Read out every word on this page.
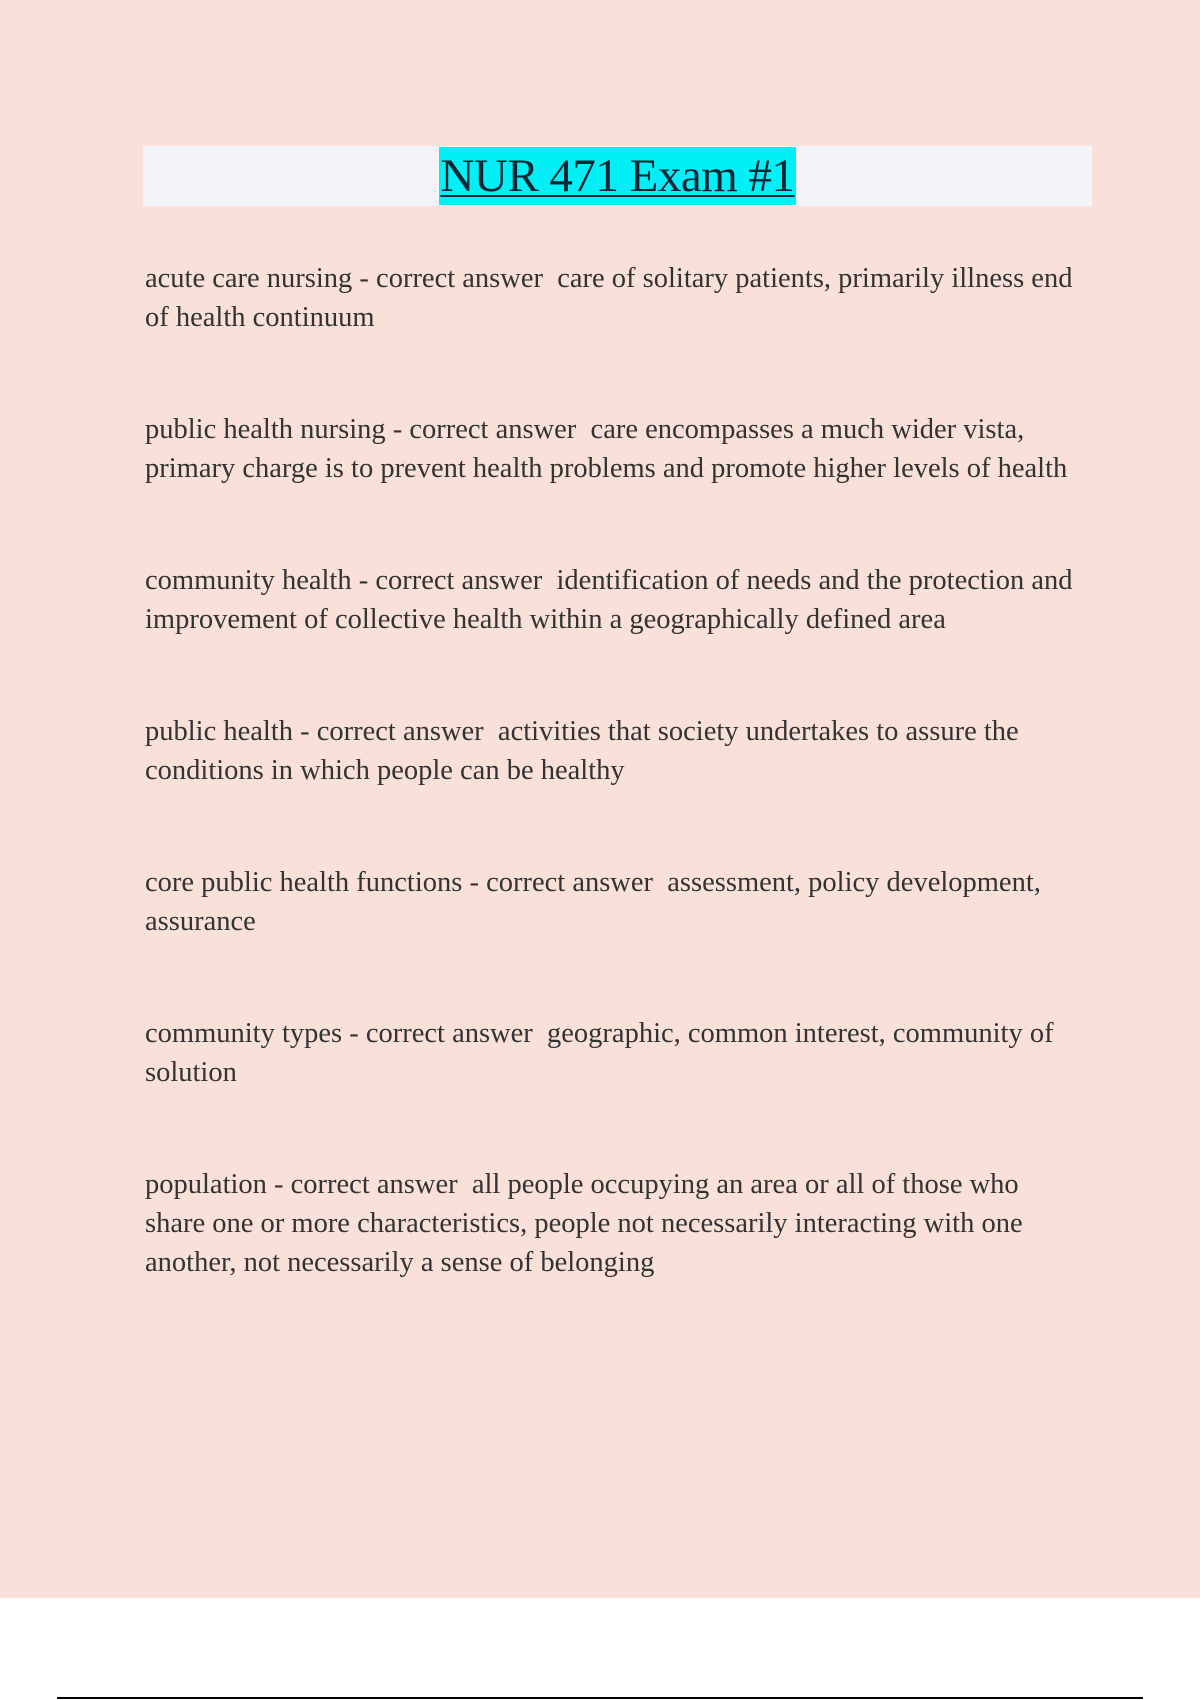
NUR 471 Exam #1

acute care nursing - correct answer  care of solitary patients, primarily illness end of health continuum

public health nursing - correct answer  care encompasses a much wider vista, primary charge is to prevent health problems and promote higher levels of health

community health - correct answer  identification of needs and the protection and improvement of collective health within a geographically defined area

public health - correct answer  activities that society undertakes to assure the conditions in which people can be healthy

core public health functions - correct answer  assessment, policy development, assurance

community types - correct answer  geographic, common interest, community of solution

population - correct answer  all people occupying an area or all of those who share one or more characteristics, people not necessarily interacting with one another, not necessarily a sense of belonging
